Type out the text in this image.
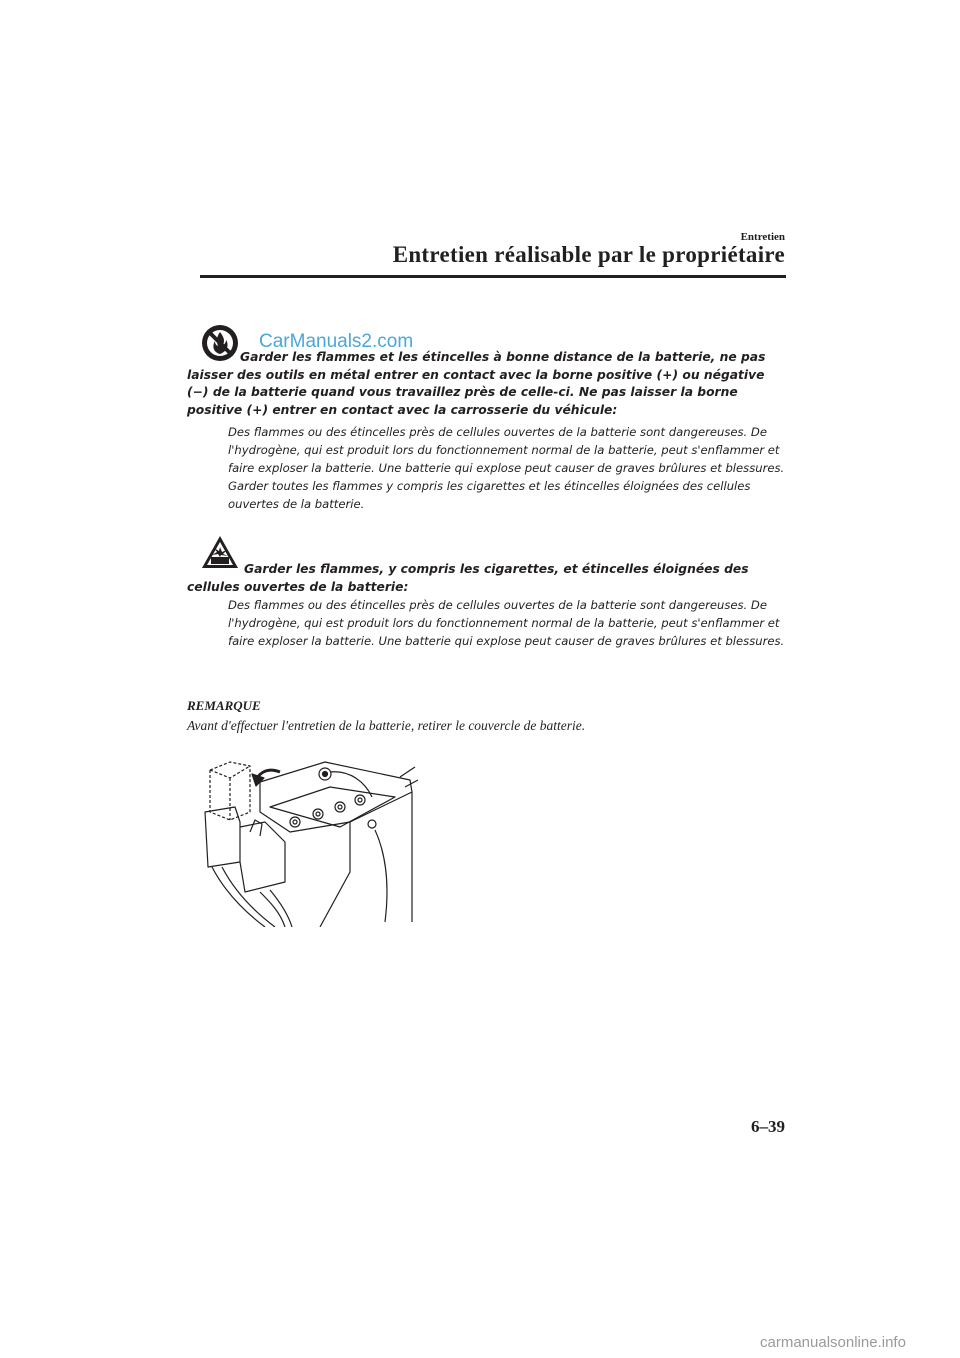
Entretien
Entretien réalisable par le propriétaire
CarManuals2.com

Garder les flammes et les étincelles à bonne distance de la batterie, ne pas laisser des outils en métal entrer en contact avec la borne positive (+) ou négative (−) de la batterie quand vous travaillez près de celle-ci. Ne pas laisser la borne positive (+) entrer en contact avec la carrosserie du véhicule:

Des flammes ou des étincelles près de cellules ouvertes de la batterie sont dangereuses. De l'hydrogène, qui est produit lors du fonctionnement normal de la batterie, peut s'enflammer et faire exploser la batterie. Une batterie qui explose peut causer de graves brûlures et blessures. Garder toutes les flammes y compris les cigarettes et les étincelles éloignées des cellules ouvertes de la batterie.

Garder les flammes, y compris les cigarettes, et étincelles éloignées des cellules ouvertes de la batterie:

Des flammes ou des étincelles près de cellules ouvertes de la batterie sont dangereuses. De l'hydrogène, qui est produit lors du fonctionnement normal de la batterie, peut s'enflammer et faire exploser la batterie. Une batterie qui explose peut causer de graves brûlures et blessures.

REMARQUE
Avant d'effectuer l'entretien de la batterie, retirer le couvercle de batterie.
6–39
carmanualsonline.info
